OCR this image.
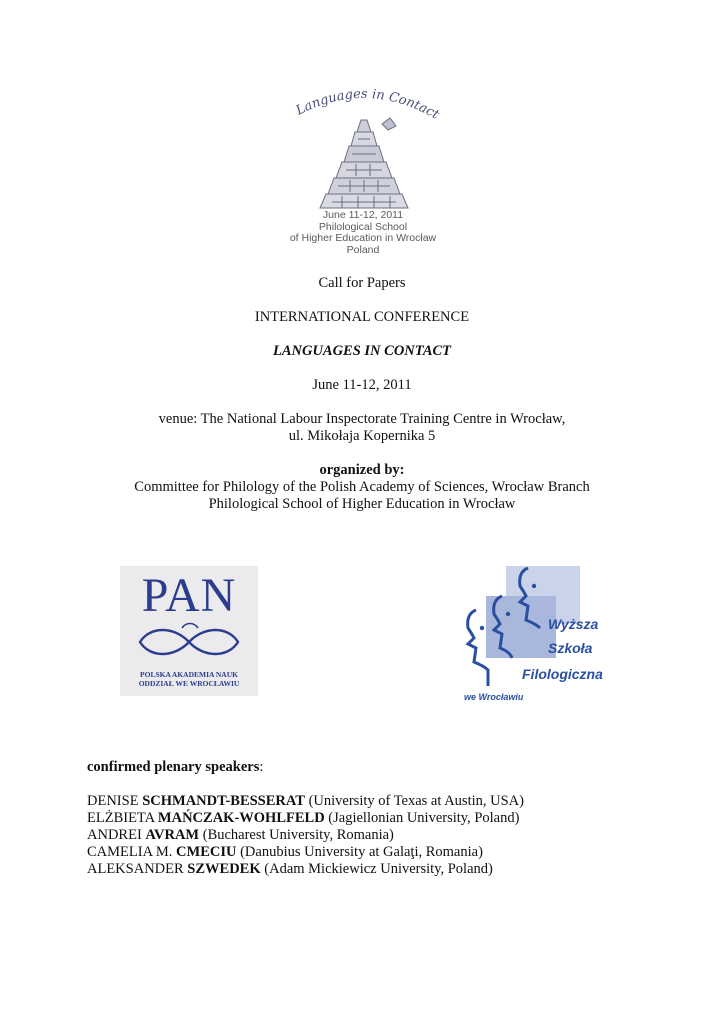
Languages in Contact
June 11-12, 2011
Philological School
of Higher Education in Wrocław
Poland
Call for Papers
INTERNATIONAL CONFERENCE
LANGUAGES IN CONTACT
June 11-12, 2011
venue: The National Labour Inspectorate Training Centre in Wrocław,
ul. Mikołaja Kopernika 5
organized by:
Committee for Philology of the Polish Academy of Sciences, Wrocław Branch
Philological School of Higher Education in Wrocław
PAN
POLSKA AKADEMIA NAUK
ODDZIAŁ WE WROCŁAWIU
Wyższa
Szkoła
Filologiczna
we Wrocławiu
confirmed plenary speakers:
DENISE SCHMANDT-BESSERAT (University of Texas at Austin, USA)
ELŻBIETA MAŃCZAK-WOHLFELD (Jagiellonian University, Poland)
ANDREI AVRAM (Bucharest University, Romania)
CAMELIA M. CMECIU (Danubius University at Galaţi, Romania)
ALEKSANDER SZWEDEK (Adam Mickiewicz University, Poland)
